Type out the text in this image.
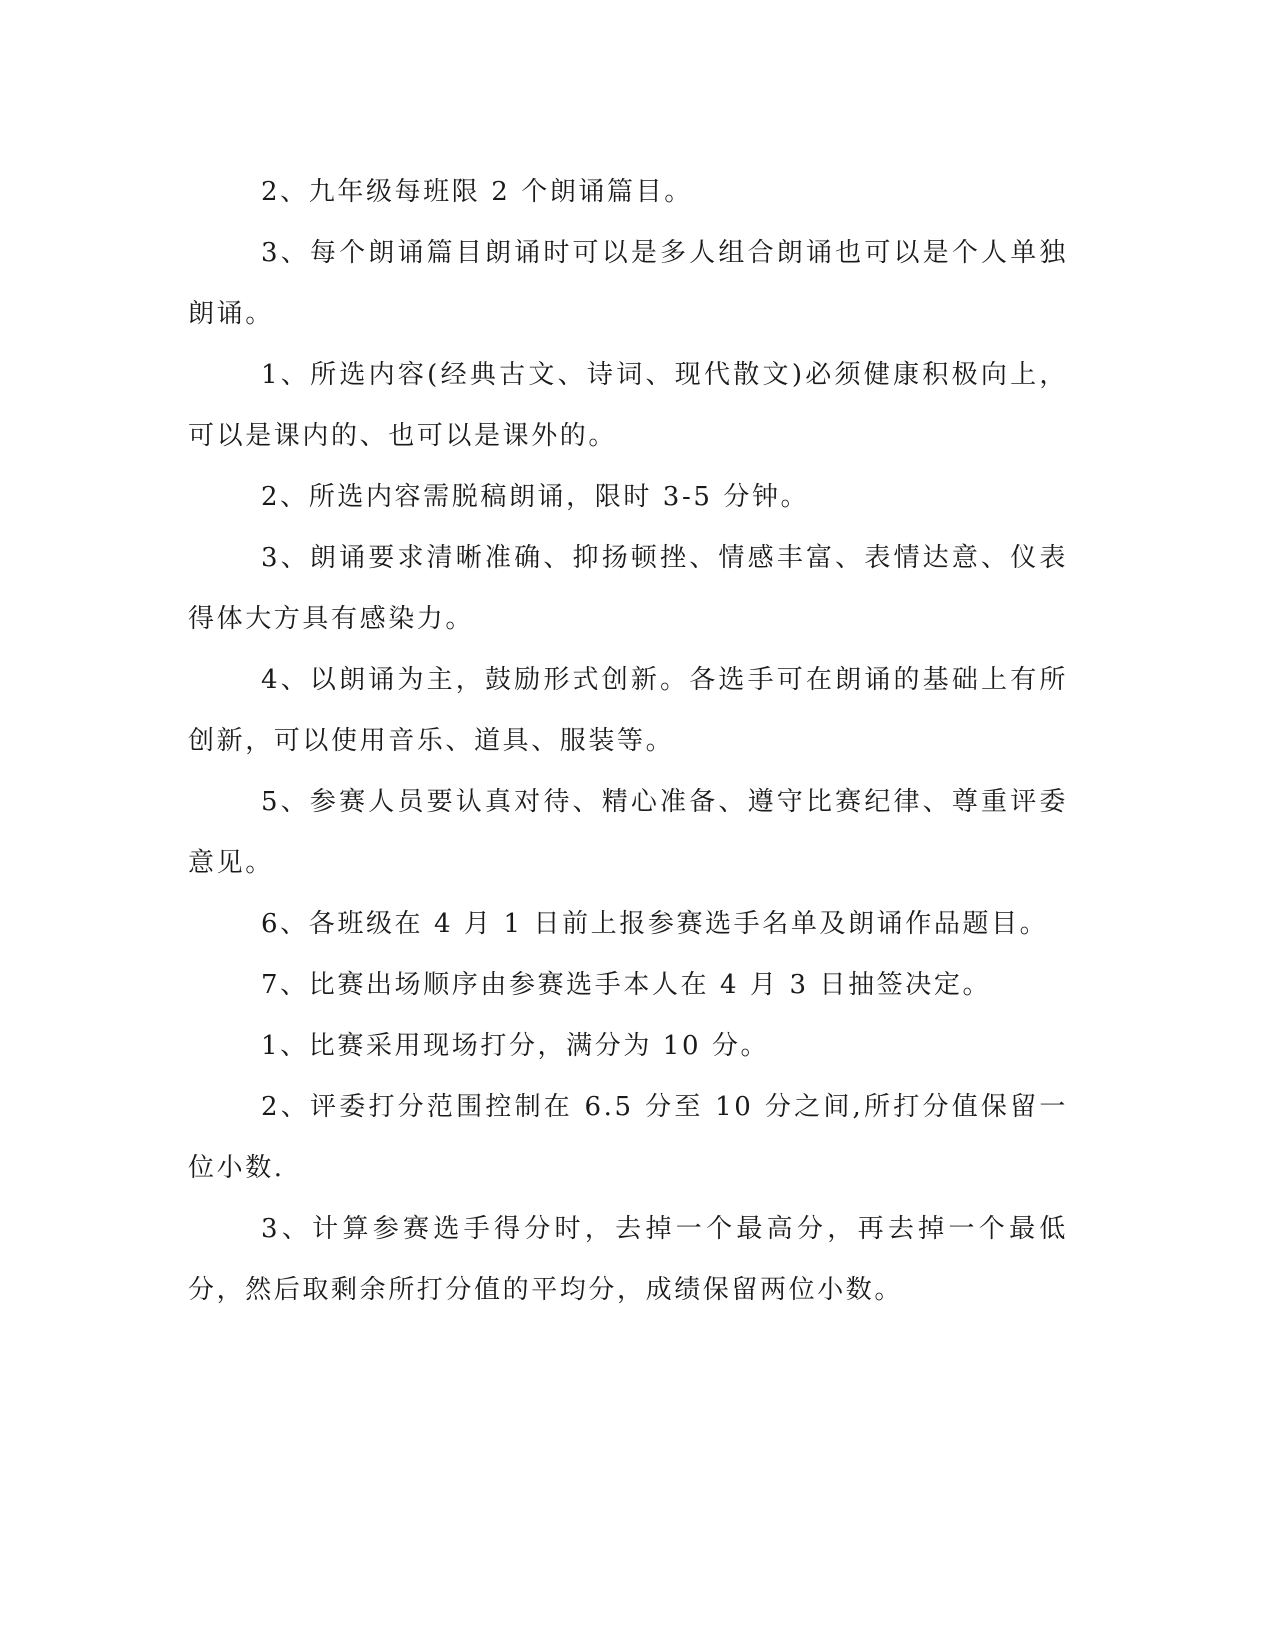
2、九年级每班限 2 个朗诵篇目。

3、每个朗诵篇目朗诵时可以是多人组合朗诵也可以是个人单独朗诵。

1、所选内容(经典古文、诗词、现代散文)必须健康积极向上，可以是课内的、也可以是课外的。

2、所选内容需脱稿朗诵，限时 3-5 分钟。

3、朗诵要求清晰准确、抑扬顿挫、情感丰富、表情达意、仪表得体大方具有感染力。

4、以朗诵为主，鼓励形式创新。各选手可在朗诵的基础上有所创新，可以使用音乐、道具、服装等。

5、参赛人员要认真对待、精心准备、遵守比赛纪律、尊重评委意见。

6、各班级在 4 月 1 日前上报参赛选手名单及朗诵作品题目。

7、比赛出场顺序由参赛选手本人在 4 月 3 日抽签决定。

1、比赛采用现场打分，满分为 10 分。

2、评委打分范围控制在 6.5 分至 10 分之间,所打分值保留一位小数.

3、计算参赛选手得分时，去掉一个最高分，再去掉一个最低分，然后取剩余所打分值的平均分，成绩保留两位小数。
